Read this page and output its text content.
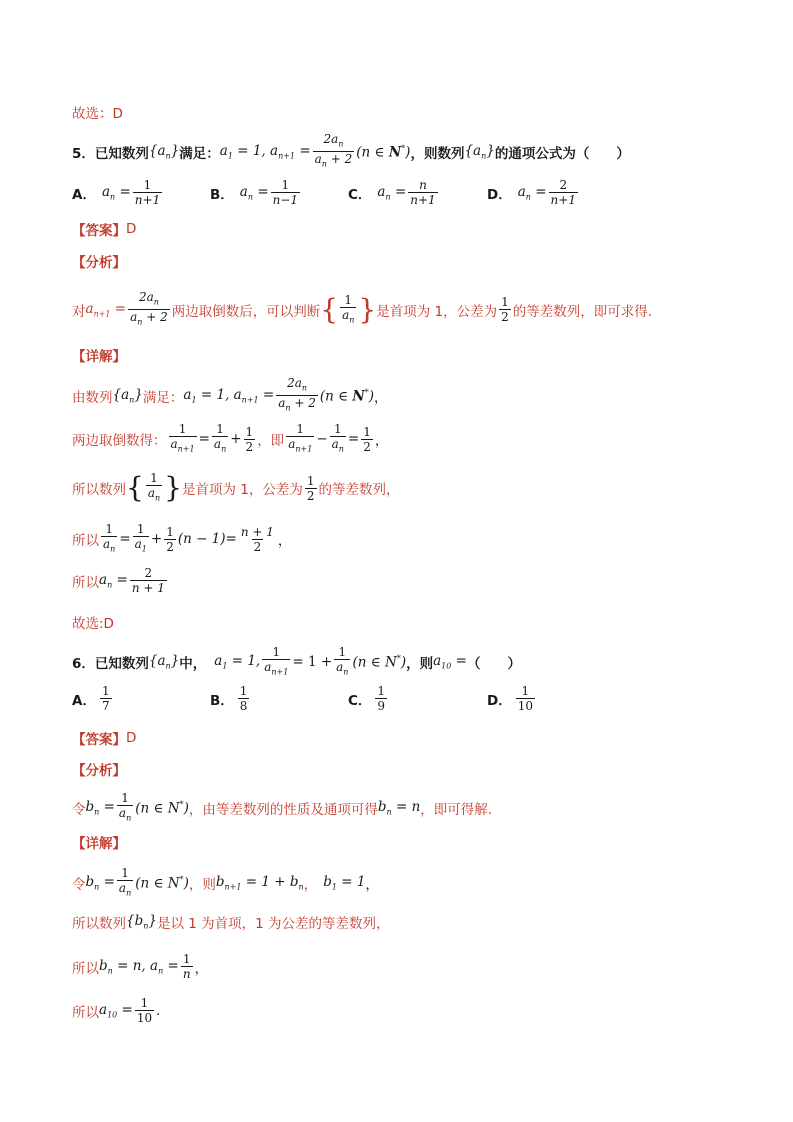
故选：D
5． 已知数列 $\{a_n\}$ 满足： $a_1 = 1$, $a_{n+1} = \frac{2a_n}{a_n + 2} (n$ ∈ N*) ，则数列 $\{a_n\}$ 的通项公式为（　　）
A． $a_n = \frac{1}{n+1}$	B． $a_n = \frac{1}{n-1}$	C． $a_n = \frac{n}{n+1}$	D． $a_n = \frac{2}{n+1}$
【答案】 D
【分析】
对 $a_{n+1} = \frac{2a_n}{a_n + 2}$ 两边取倒数后，可以判断 { $\frac{1}{a_n}$ } 是首项为 1，公差为 $\frac{1}{2}$ 的等差数列，即可求得.
【详解】
由数列 $\{a_n\}$ 满足： $a_1 = 1$, $a_{n+1} = \frac{2a_n}{a_n + 2} (n$ ∈ N*) ，
两边取倒数得： $\frac{1}{a_{n+1}} = \frac{1}{a_n} + \frac{1}{2}$ ，即 $\frac{1}{a_{n+1}} - \frac{1}{a_n} = \frac{1}{2}$ ，
所以数列 { $\frac{1}{a_n}$ } 是首项为 1，公差为 $\frac{1}{2}$ 的等差数列，
所以 $\frac{1}{a_n} = \frac{1}{a_1} + \frac{1}{2} (n - 1) = \frac{n + 1}{2}$ ，
所以 $a_n = \frac{2}{n + 1}$
故选:D
6． 已知数列 $\{a_n\}$ 中， $a_1 = 1$, $\frac{1}{a_{n+1}} = 1 + \frac{1}{a_n} (n$ ∈ N*) ，则 $a_{10}$ = （　　）
A． $\frac{1}{7}$	B． $\frac{1}{8}$	C． $\frac{1}{9}$	D． $\frac{1}{10}$
【答案】 D
【分析】
令 $b_n = \frac{1}{a_n} (n$ ∈ N*) ，由等差数列的性质及通项可得 $b_n = n$ ，即可得解.
【详解】
令 $b_n = \frac{1}{a_n} (n$ ∈ N*) ，则 $b_{n+1} = 1 + b_n$ ， $b_1 = 1$ ，
所以数列 $\{b_n\}$ 是以 1 为首项，1 为公差的等差数列，
所以 $b_n = n$, $a_n = \frac{1}{n}$ ，
所以 $a_{10} = \frac{1}{10}$ .
